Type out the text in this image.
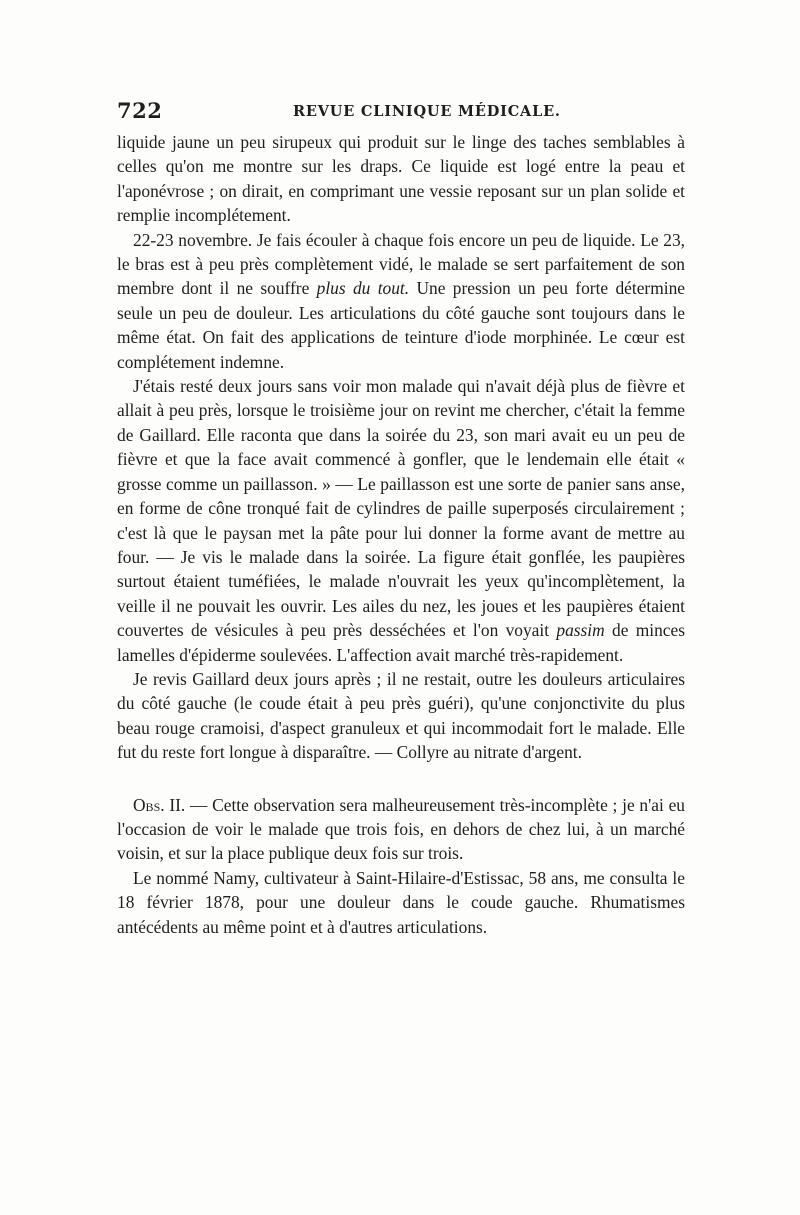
722	REVUE CLINIQUE MÉDICALE.

liquide jaune un peu sirupeux qui produit sur le linge des taches semblables à celles qu'on me montre sur les draps. Ce liquide est logé entre la peau et l'aponévrose ; on dirait, en comprimant une vessie reposant sur un plan solide et remplie incomplétement.

22-23 novembre. Je fais écouler à chaque fois encore un peu de liquide. Le 23, le bras est à peu près complètement vidé, le malade se sert parfaitement de son membre dont il ne souffre plus du tout. Une pression un peu forte détermine seule un peu de douleur. Les articulations du côté gauche sont toujours dans le même état. On fait des applications de teinture d'iode morphinée. Le cœur est complétement indemne.

J'étais resté deux jours sans voir mon malade qui n'avait déjà plus de fièvre et allait à peu près, lorsque le troisième jour on revint me chercher, c'était la femme de Gaillard. Elle raconta que dans la soirée du 23, son mari avait eu un peu de fièvre et que la face avait commencé à gonfler, que le lendemain elle était « grosse comme un paillasson. » — Le paillasson est une sorte de panier sans anse, en forme de cône tronqué fait de cylindres de paille superposés circulairement ; c'est là que le paysan met la pâte pour lui donner la forme avant de mettre au four. — Je vis le malade dans la soirée. La figure était gonflée, les paupières surtout étaient tuméfiées, le malade n'ouvrait les yeux qu'incomplètement, la veille il ne pouvait les ouvrir. Les ailes du nez, les joues et les paupières étaient couvertes de vésicules à peu près desséchées et l'on voyait passim de minces lamelles d'épiderme soulevées. L'affection avait marché très-rapidement.

Je revis Gaillard deux jours après ; il ne restait, outre les douleurs articulaires du côté gauche (le coude était à peu près guéri), qu'une conjonctivite du plus beau rouge cramoisi, d'aspect granuleux et qui incommodait fort le malade. Elle fut du reste fort longue à disparaître. — Collyre au nitrate d'argent.

Obs. II. — Cette observation sera malheureusement très-incomplète ; je n'ai eu l'occasion de voir le malade que trois fois, en dehors de chez lui, à un marché voisin, et sur la place publique deux fois sur trois.

Le nommé Namy, cultivateur à Saint-Hilaire-d'Estissac, 58 ans, me consulta le 18 février 1878, pour une douleur dans le coude gauche. Rhumatismes antécédents au même point et à d'autres articulations.
